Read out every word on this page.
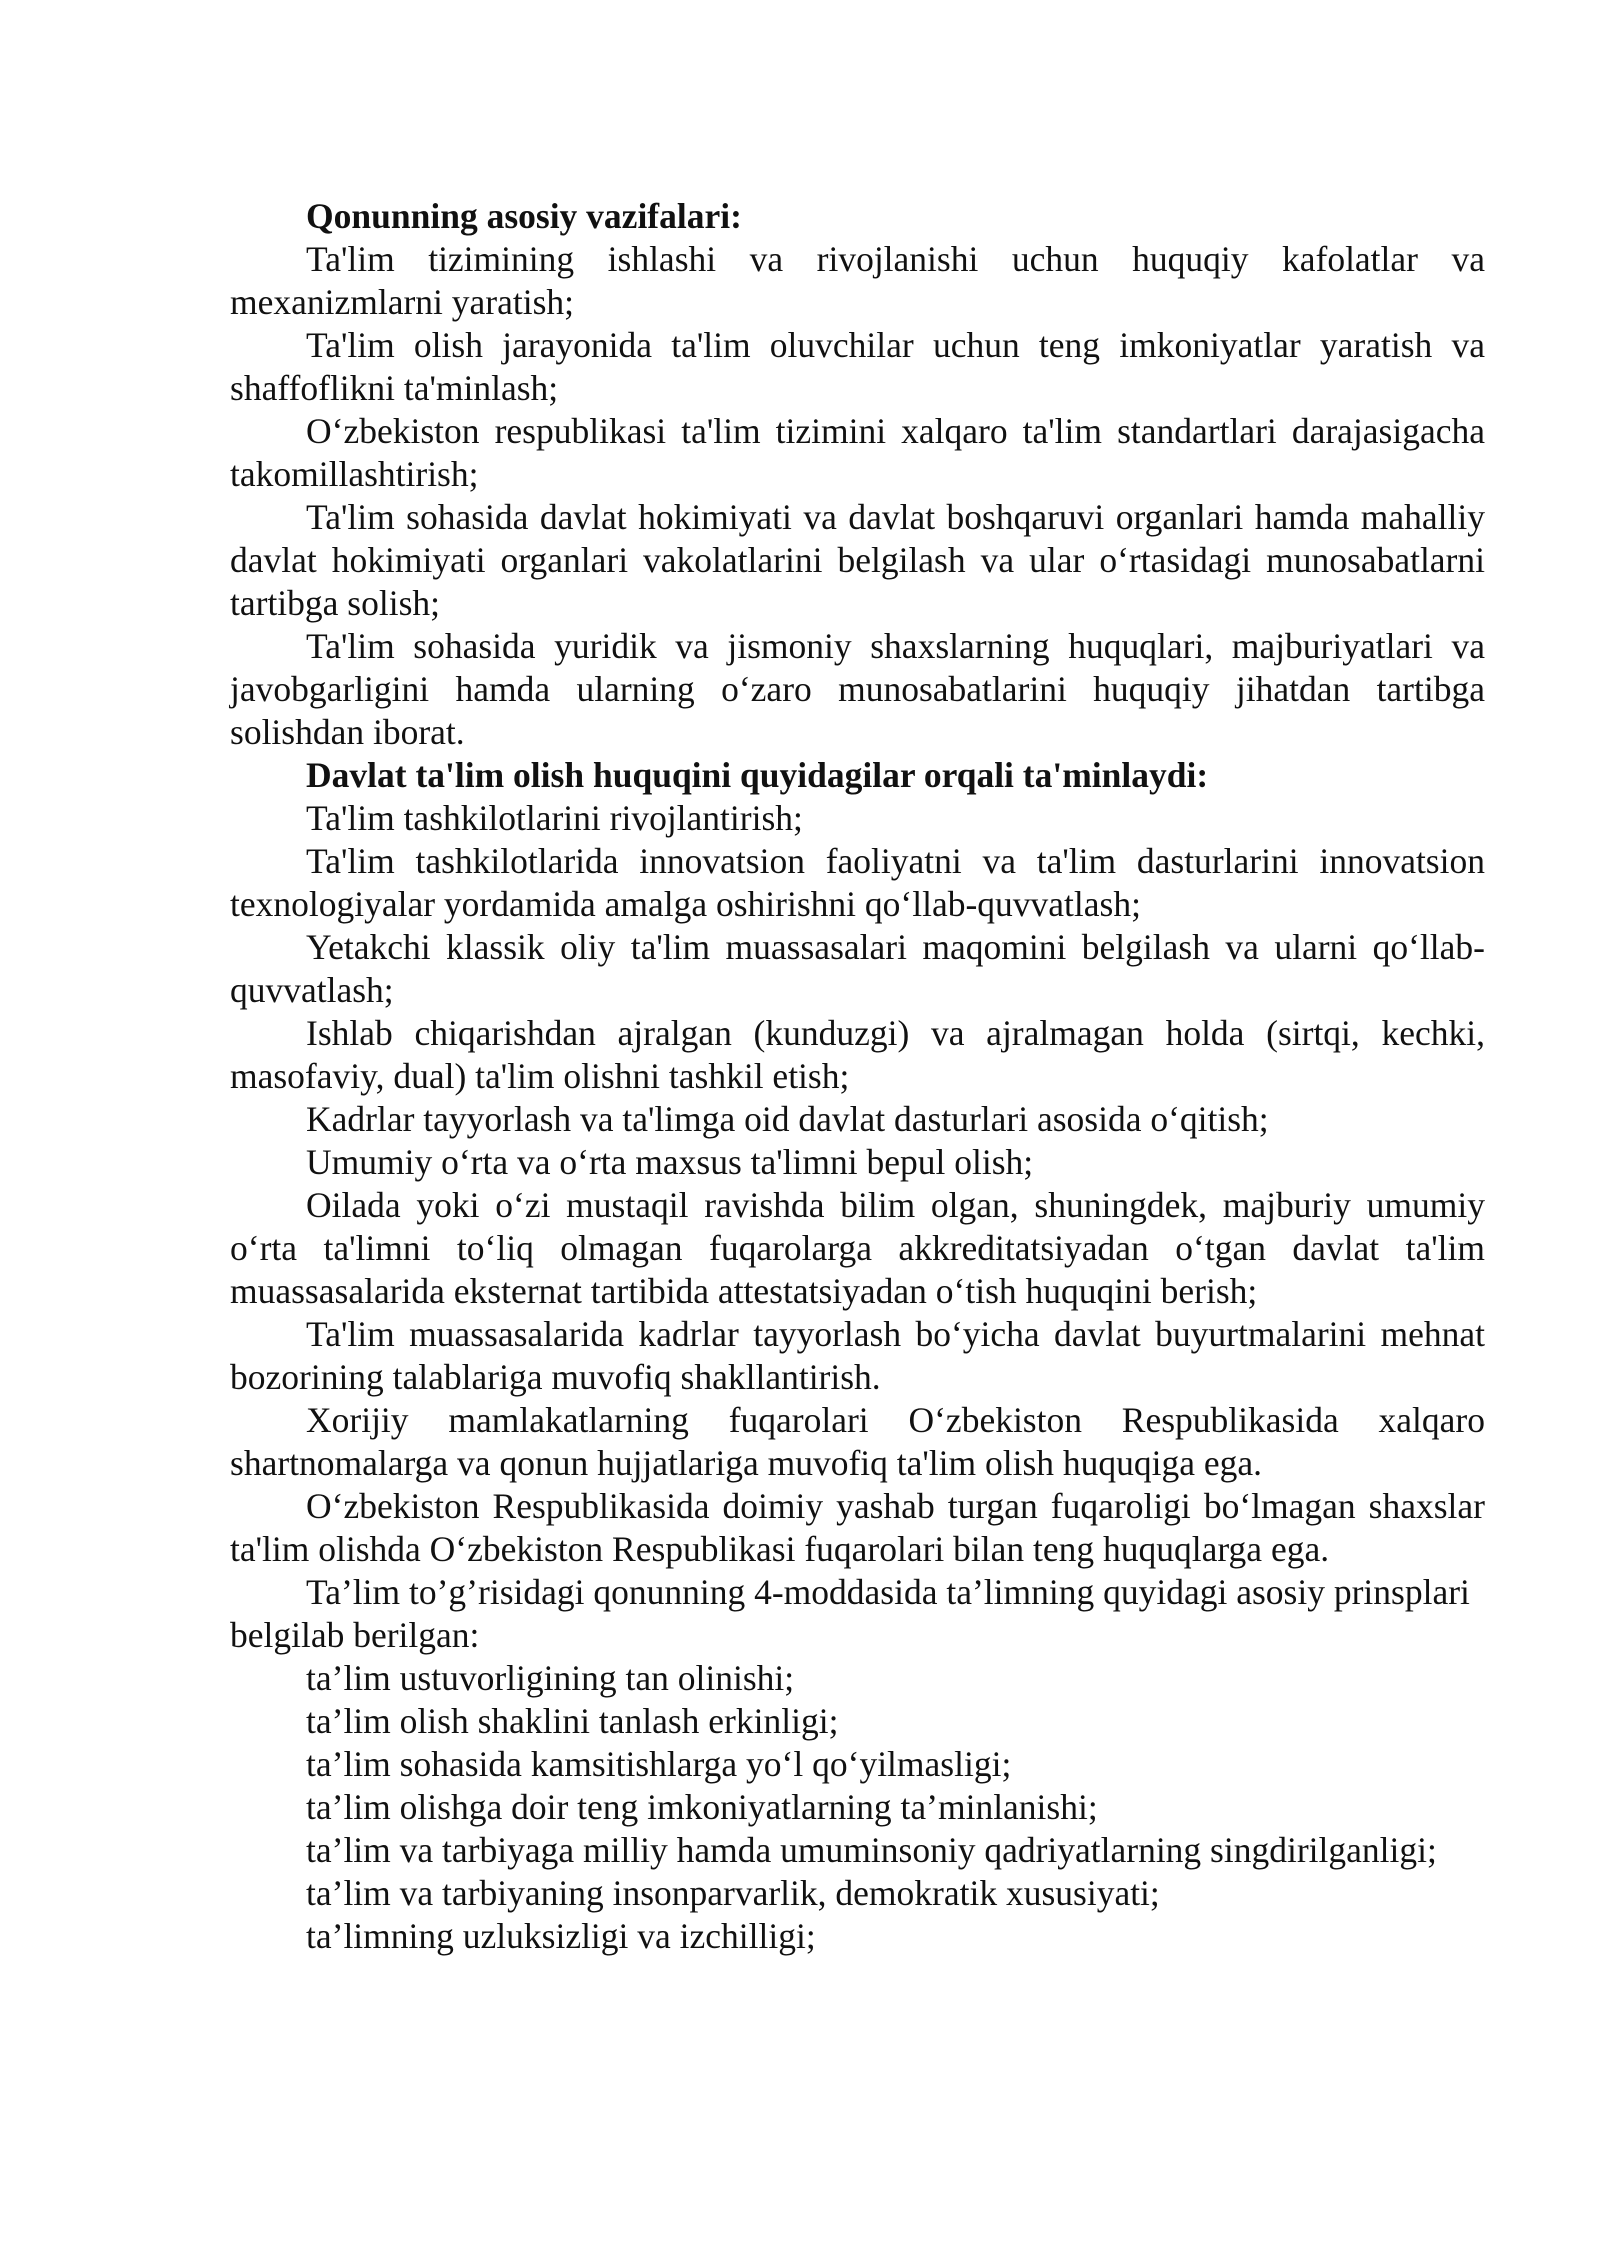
Qonunning asosiy vazifalari:

Ta'lim tizimining ishlashi va rivojlanishi uchun huquqiy kafolatlar va mexanizmlarni yaratish;

Ta'lim olish jarayonida ta'lim oluvchilar uchun teng imkoniyatlar yaratish va shaffoflikni ta'minlash;

O‘zbekiston respublikasi ta'lim tizimini xalqaro ta'lim standartlari darajasigacha takomillashtirish;

Ta'lim sohasida davlat hokimiyati va davlat boshqaruvi organlari hamda mahalliy davlat hokimiyati organlari vakolatlarini belgilash va ular o‘rtasidagi munosabatlarni tartibga solish;

Ta'lim sohasida yuridik va jismoniy shaxslarning huquqlari, majburiyatlari va javobgarligini hamda ularning o‘zaro munosabatlarini huquqiy jihatdan tartibga solishdan iborat.

Davlat ta'lim olish huquqini quyidagilar orqali ta'minlaydi:

Ta'lim tashkilotlarini rivojlantirish;

Ta'lim tashkilotlarida innovatsion faoliyatni va ta'lim dasturlarini innovatsion texnologiyalar yordamida amalga oshirishni qo‘llab-quvvatlash;

Yetakchi klassik oliy ta'lim muassasalari maqomini belgilash va ularni qo‘llab-quvvatlash;

Ishlab chiqarishdan ajralgan (kunduzgi) va ajralmagan holda (sirtqi, kechki, masofaviy, dual) ta'lim olishni tashkil etish;

Kadrlar tayyorlash va ta'limga oid davlat dasturlari asosida o‘qitish;

Umumiy o‘rta va o‘rta maxsus ta'limni bepul olish;

Oilada yoki o‘zi mustaqil ravishda bilim olgan, shuningdek, majburiy umumiy o‘rta ta'limni to‘liq olmagan fuqarolarga akkreditatsiyadan o‘tgan davlat ta'lim muassasalarida eksternat tartibida attestatsiyadan o‘tish huquqini berish;

Ta'lim muassasalarida kadrlar tayyorlash bo‘yicha davlat buyurtmalarini mehnat bozorining talablariga muvofiq shakllantirish.

Xorijiy mamlakatlarning fuqarolari O‘zbekiston Respublikasida xalqaro shartnomalarga va qonun hujjatlariga muvofiq ta'lim olish huquqiga ega.

O‘zbekiston Respublikasida doimiy yashab turgan fuqaroligi bo‘lmagan shaxslar ta'lim olishda O‘zbekiston Respublikasi fuqarolari bilan teng huquqlarga ega.

Ta’lim to’g’risidagi qonunning 4-moddasida ta’limning quyidagi asosiy prinsplari belgilab berilgan:

ta’lim ustuvorligining tan olinishi;

ta’lim olish shaklini tanlash erkinligi;

ta’lim sohasida kamsitishlarga yo‘l qo‘yilmasligi;

ta’lim olishga doir teng imkoniyatlarning ta’minlanishi;

ta’lim va tarbiyaga milliy hamda umuminsoniy qadriyatlarning singdirilganligi;

ta’lim va tarbiyaning insonparvarlik, demokratik xususiyati;

ta’limning uzluksizligi va izchilligi;
